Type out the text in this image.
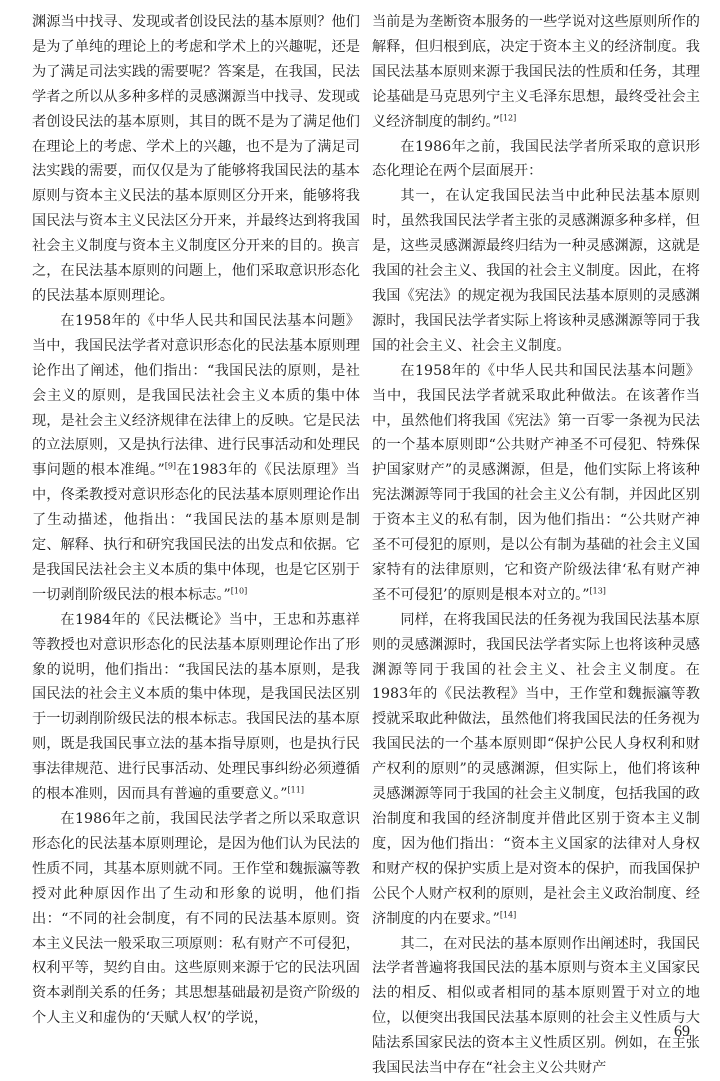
渊源当中找寻、发现或者创设民法的基本原则？他们是为了单纯的理论上的考虑和学术上的兴趣呢，还是为了满足司法实践的需要呢？答案是，在我国，民法学者之所以从多种多样的灵感渊源当中找寻、发现或者创设民法的基本原则，其目的既不是为了满足他们在理论上的考虑、学术上的兴趣，也不是为了满足司法实践的需要，而仅仅是为了能够将我国民法的基本原则与资本主义民法的基本原则区分开来，能够将我国民法与资本主义民法区分开来，并最终达到将我国社会主义制度与资本主义制度区分开来的目的。换言之，在民法基本原则的问题上，他们采取意识形态化的民法基本原则理论。

在1958年的《中华人民共和国民法基本问题》当中，我国民法学者对意识形态化的民法基本原则理论作出了阐述，他们指出：“我国民法的原则，是社会主义的原则，是我国民法社会主义本质的集中体现，是社会主义经济规律在法律上的反映。它是民法的立法原则，又是执行法律、进行民事活动和处理民事问题的根本准绳。”[9]在1983年的《民法原理》当中，佟柔教授对意识形态化的民法基本原则理论作出了生动描述，他指出：“我国民法的基本原则是制定、解释、执行和研究我国民法的出发点和依据。它是我国民法社会主义本质的集中体现，也是它区别于一切剥削阶级民法的根本标志。”[10]

在1984年的《民法概论》当中，王忠和苏惠祥等教授也对意识形态化的民法基本原则理论作出了形象的说明，他们指出：“我国民法的基本原则，是我国民法的社会主义本质的集中体现，是我国民法区别于一切剥削阶级民法的根本标志。我国民法的基本原则，既是我国民事立法的基本指导原则，也是执行民事法律规范、进行民事活动、处理民事纠纷必须遵循的根本准则，因而具有普遍的重要意义。”[11]

在1986年之前，我国民法学者之所以采取意识形态化的民法基本原则理论，是因为他们认为民法的性质不同，其基本原则就不同。王作堂和魏振瀛等教授对此种原因作出了生动和形象的说明，他们指出：“不同的社会制度，有不同的民法基本原则。资本主义民法一般采取三项原则：私有财产不可侵犯，权利平等，契约自由。这些原则来源于它的民法巩固资本剥削关系的任务；其思想基础最初是资产阶级的个人主义和虚伪的‘天赋人权’的学说，

当前是为垄断资本服务的一些学说对这些原则所作的解释，但归根到底，决定于资本主义的经济制度。我国民法基本原则来源于我国民法的性质和任务，其理论基础是马克思列宁主义毛泽东思想，最终受社会主义经济制度的制约。”[12]

在1986年之前，我国民法学者所采取的意识形态化理论在两个层面展开：

其一，在认定我国民法当中此种民法基本原则时，虽然我国民法学者主张的灵感渊源多种多样，但是，这些灵感渊源最终归结为一种灵感渊源，这就是我国的社会主义、我国的社会主义制度。因此，在将我国《宪法》的规定视为我国民法基本原则的灵感渊源时，我国民法学者实际上将该种灵感渊源等同于我国的社会主义、社会主义制度。

在1958年的《中华人民共和国民法基本问题》当中，我国民法学者就采取此种做法。在该著作当中，虽然他们将我国《宪法》第一百零一条视为民法的一个基本原则即“公共财产神圣不可侵犯、特殊保护国家财产”的灵感渊源，但是，他们实际上将该种宪法渊源等同于我国的社会主义公有制，并因此区别于资本主义的私有制，因为他们指出：“公共财产神圣不可侵犯的原则，是以公有制为基础的社会主义国家特有的法律原则，它和资产阶级法律‘私有财产神圣不可侵犯’的原则是根本对立的。”[13]

同样，在将我国民法的任务视为我国民法基本原则的灵感渊源时，我国民法学者实际上也将该种灵感渊源等同于我国的社会主义、社会主义制度。在1983年的《民法教程》当中，王作堂和魏振瀛等教授就采取此种做法，虽然他们将我国民法的任务视为我国民法的一个基本原则即“保护公民人身权利和财产权利的原则”的灵感渊源，但实际上，他们将该种灵感渊源等同于我国的社会主义制度，包括我国的政治制度和我国的经济制度并借此区别于资本主义制度，因为他们指出：“资本主义国家的法律对人身权和财产权的保护实质上是对资本的保护，而我国保护公民个人财产权利的原则，是社会主义政治制度、经济制度的内在要求。”[14]

其二，在对民法的基本原则作出阐述时，我国民法学者普遍将我国民法的基本原则与资本主义国家民法的相反、相似或者相同的基本原则置于对立的地位，以便突出我国民法基本原则的社会主义性质与大陆法系国家民法的资本主义性质区别。例如，在主张我国民法当中存在“社会主义公共财产

69
